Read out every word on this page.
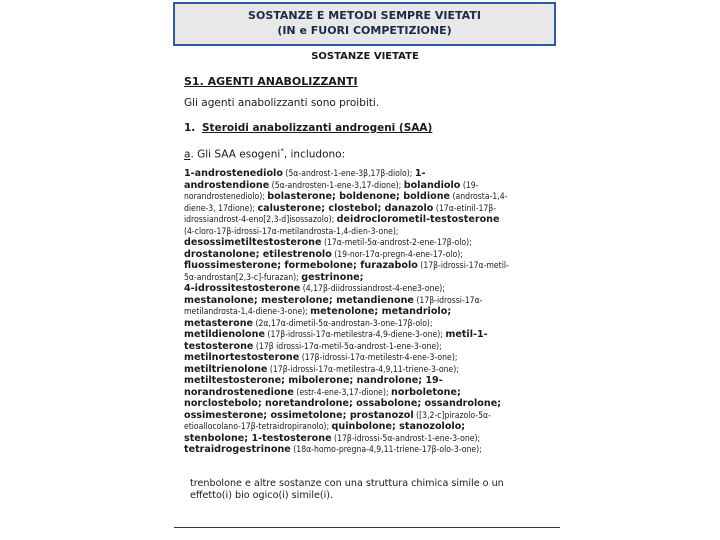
SOSTANZE E METODI SEMPRE VIETATI
(IN e FUORI COMPETIZIONE)
SOSTANZE VIETATE
S1. AGENTI ANABOLIZZANTI
Gli agenti anabolizzanti sono proibiti.
1. Steroidi anabolizzanti androgeni (SAA)
a. Gli SAA esogeni*, includono:
1-androstenediolo (5α-androst-1-ene-3β,17β-diolo); 1-
androstendione (5α-androsten-1-ene-3,17-dione); bolandiolo (19-
norandrostenediolo); bolasterone; boldenone; boldione (androsta-1,4-
diene-3, 17dione); calusterone; clostebol; danazolo (17α-etinil-17β-
idrossiandrost-4-eno[2,3-d]isossazolo); deidroclorometil-testosterone
(4-cloro-17β-idrossi-17α-metilandrosta-1,4-dien-3-one);
desossimetiltestosterone (17α-metil-5α-androst-2-ene-17β-olo);
drostanolone; etilestrenolo (19-nor-17α-pregn-4-ene-17-olo);
fluossimesterone; formebolone; furazabolo (17β-idrossi-17α-metil-
5α-androstan[2,3-c]-furazan); gestrinone;
4-idrossitestosterone (4,17β-diidrossiandrost-4-ene3-one);
mestanolone; mesterolone; metandienone (17β-idrossi-17α-
metilandrosta-1,4-diene-3-one); metenolone; metandriolo;
metasterone (2α,17α-dimetil-5α-androstan-3-one-17β-olo);
metildienolone (17β-idrossi-17α-metilestra-4,9-diene-3-one); metil-1-
testosterone (17β idrossi-17α-metil-5α-androst-1-ene-3-one);
metilnortestosterone (17β-idrossi-17α-metilestr-4-ene-3-one);
metiltrienolone (17β-idrossi-17α-metilestra-4,9,11-triene-3-one);
metiltestosterone; mibolerone; nandrolone; 19-
norandrostenedione (estr-4-ene-3,17-dione); norboletone;
norclostebolo; noretandrolone; ossabolone; ossandrolone;
ossimesterone; ossimetolone; prostanozol ([3,2-c]pirazolo-5α-
etioallocolano-17β-tetraidropiranolo); quinbolone; stanozololo;
stenbolone; 1-testosterone (17β-idrossi-5α-androst-1-ene-3-one);
tetraidrogestrinone (18α-homo-pregna-4,9,11-triene-17β-olo-3-one);
trenbolone e altre sostanze con una struttura chimica simile o un
effetto(i) bio ogico(i) simile(i).
